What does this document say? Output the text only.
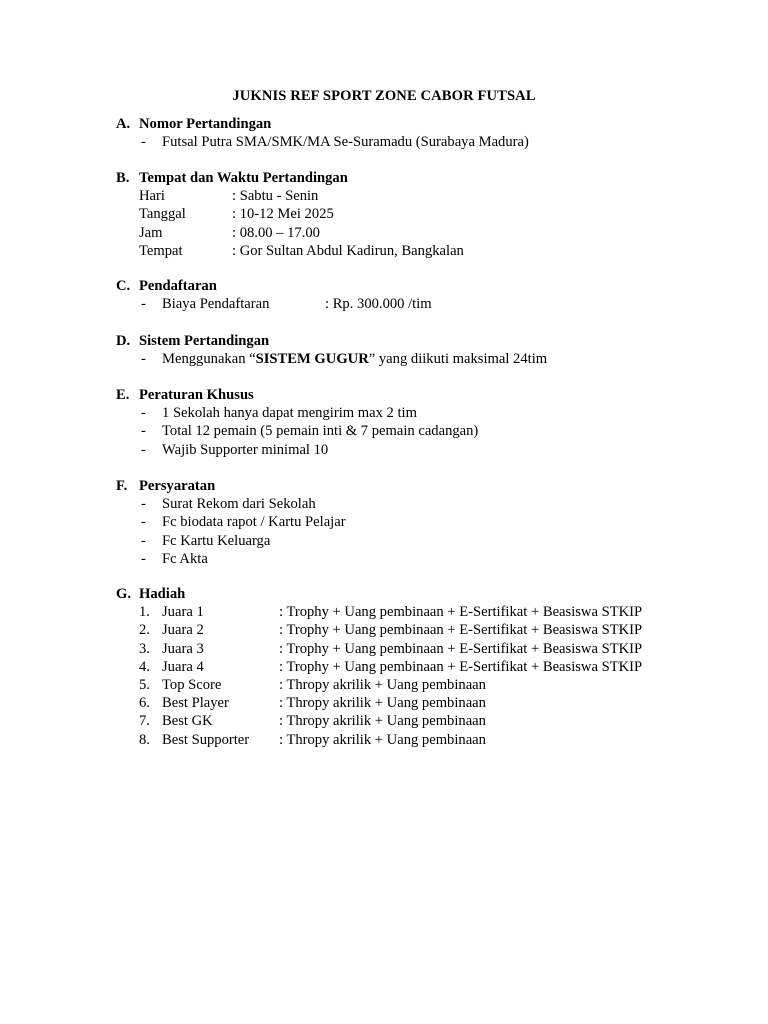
JUKNIS REF SPORT ZONE CABOR FUTSAL
A. Nomor Pertandingan
- Futsal Putra SMA/SMK/MA Se-Suramadu (Surabaya Madura)
B. Tempat dan Waktu Pertandingan
Hari	: Sabtu - Senin
Tanggal	: 10-12 Mei 2025
Jam	: 08.00 – 17.00
Tempat	: Gor Sultan Abdul Kadirun, Bangkalan
C. Pendaftaran
- Biaya Pendaftaran	: Rp. 300.000 /tim
D. Sistem Pertandingan
- Menggunakan “SISTEM GUGUR” yang diikuti maksimal 24tim
E. Peraturan Khusus
- 1 Sekolah hanya dapat mengirim max 2 tim
- Total 12 pemain (5 pemain inti & 7 pemain cadangan)
- Wajib Supporter minimal 10
F. Persyaratan
- Surat Rekom dari Sekolah
- Fc biodata rapot / Kartu Pelajar
- Fc Kartu Keluarga
- Fc Akta
G. Hadiah
1. Juara 1	: Trophy + Uang pembinaan + E-Sertifikat + Beasiswa STKIP
2. Juara 2	: Trophy + Uang pembinaan + E-Sertifikat + Beasiswa STKIP
3. Juara 3	: Trophy + Uang pembinaan + E-Sertifikat + Beasiswa STKIP
4. Juara 4	: Trophy + Uang pembinaan + E-Sertifikat + Beasiswa STKIP
5. Top Score	: Thropy akrilik + Uang pembinaan
6. Best Player	: Thropy akrilik + Uang pembinaan
7. Best GK	: Thropy akrilik + Uang pembinaan
8. Best Supporter : Thropy akrilik + Uang pembinaan
